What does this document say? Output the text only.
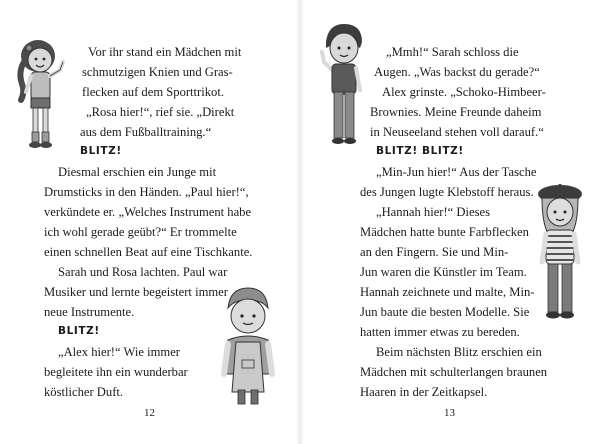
Vor ihr stand ein Mädchen mit
schmutzigen Knien und Gras-
flecken auf dem Sporttrikot.
„Rosa hier!“, rief sie. „Direkt
aus dem Fußballtraining.“
BLITZ!
Diesmal erschien ein Junge mit
Drumsticks in den Händen. „Paul hier!“,
verkündete er. „Welches Instrument habe
ich wohl gerade geübt?“ Er trommelte
einen schnellen Beat auf eine Tischkante.
Sarah und Rosa lachten. Paul war
Musiker und lernte begeistert immer
neue Instrumente.
BLITZ!
„Alex hier!“ Wie immer
begleitete ihn ein wunderbar
köstlicher Duft.
12
„Mmh!“ Sarah schloss die
Augen. „Was backst du gerade?“
Alex grinste. „Schoko-Himbeer-
Brownies. Meine Freunde daheim
in Neuseeland stehen voll darauf.“
BLITZ! BLITZ!
„Min-Jun hier!“ Aus der Tasche
des Jungen lugte Klebstoff heraus.
„Hannah hier!“ Dieses
Mädchen hatte bunte Farbflecken
an den Fingern. Sie und Min-
Jun waren die Künstler im Team.
Hannah zeichnete und malte, Min-
Jun baute die besten Modelle. Sie
hatten immer etwas zu bereden.
Beim nächsten Blitz erschien ein
Mädchen mit schulterlangen braunen
Haaren in der Zeitkapsel.
13
